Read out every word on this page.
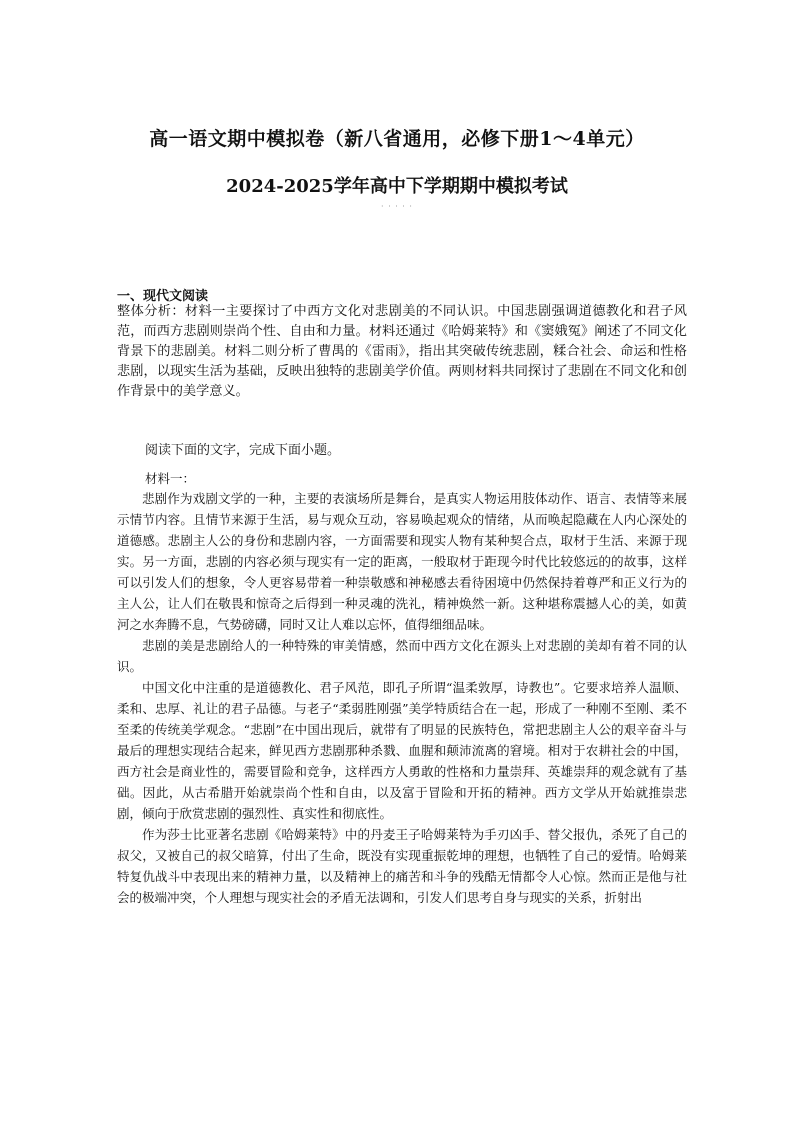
高一语文期中模拟卷（新八省通用，必修下册1～4单元）
2024-2025学年高中下学期期中模拟考试
· · · · ·
一、现代文阅读
整体分析：材料一主要探讨了中西方文化对悲剧美的不同认识。中国悲剧强调道德教化和君子风范，而西方悲剧则崇尚个性、自由和力量。材料还通过《哈姆莱特》和《窦娥冤》阐述了不同文化背景下的悲剧美。材料二则分析了曹禺的《雷雨》，指出其突破传统悲剧，糅合社会、命运和性格悲剧，以现实生活为基础，反映出独特的悲剧美学价值。两则材料共同探讨了悲剧在不同文化和创作背景中的美学意义。
阅读下面的文字，完成下面小题。
材料一：

悲剧作为戏剧文学的一种，主要的表演场所是舞台，是真实人物运用肢体动作、语言、表情等来展示情节内容。且情节来源于生活，易与观众互动，容易唤起观众的情绪，从而唤起隐藏在人内心深处的道德感。悲剧主人公的身份和悲剧内容，一方面需要和现实人物有某种契合点，取材于生活、来源于现实。另一方面，悲剧的内容必须与现实有一定的距离，一般取材于距现今时代比较悠远的的故事，这样可以引发人们的想象，令人更容易带着一种崇敬感和神秘感去看待困境中仍然保持着尊严和正义行为的主人公，让人们在敬畏和惊奇之后得到一种灵魂的洗礼，精神焕然一新。这种堪称震撼人心的美，如黄河之水奔腾不息，气势磅礴，同时又让人难以忘怀，值得细细品味。

悲剧的美是悲剧给人的一种特殊的审美情感，然而中西方文化在源头上对悲剧的美却有着不同的认识。

中国文化中注重的是道德教化、君子风范，即孔子所谓“温柔敦厚，诗教也”。它要求培养人温顺、柔和、忠厚、礼让的君子品德。与老子“柔弱胜刚强”美学特质结合在一起，形成了一种刚不至刚、柔不至柔的传统美学观念。“悲剧”在中国出现后，就带有了明显的民族特色，常把悲剧主人公的艰辛奋斗与最后的理想实现结合起来，鲜见西方悲剧那种杀戮、血腥和颠沛流离的窘境。相对于农耕社会的中国，西方社会是商业性的，需要冒险和竞争，这样西方人勇敢的性格和力量崇拜、英雄崇拜的观念就有了基础。因此，从古希腊开始就崇尚个性和自由，以及富于冒险和开拓的精神。西方文学从开始就推崇悲剧，倾向于欣赏悲剧的强烈性、真实性和彻底性。

作为莎士比亚著名悲剧《哈姆莱特》中的丹麦王子哈姆莱特为手刃凶手、替父报仇，杀死了自己的叔父，又被自己的叔父暗算，付出了生命，既没有实现重振乾坤的理想，也牺牲了自己的爱情。哈姆莱特复仇战斗中表现出来的精神力量，以及精神上的痛苦和斗争的残酷无情都令人心惊。然而正是他与社会的极端冲突，个人理想与现实社会的矛盾无法调和，引发人们思考自身与现实的关系，折射出
